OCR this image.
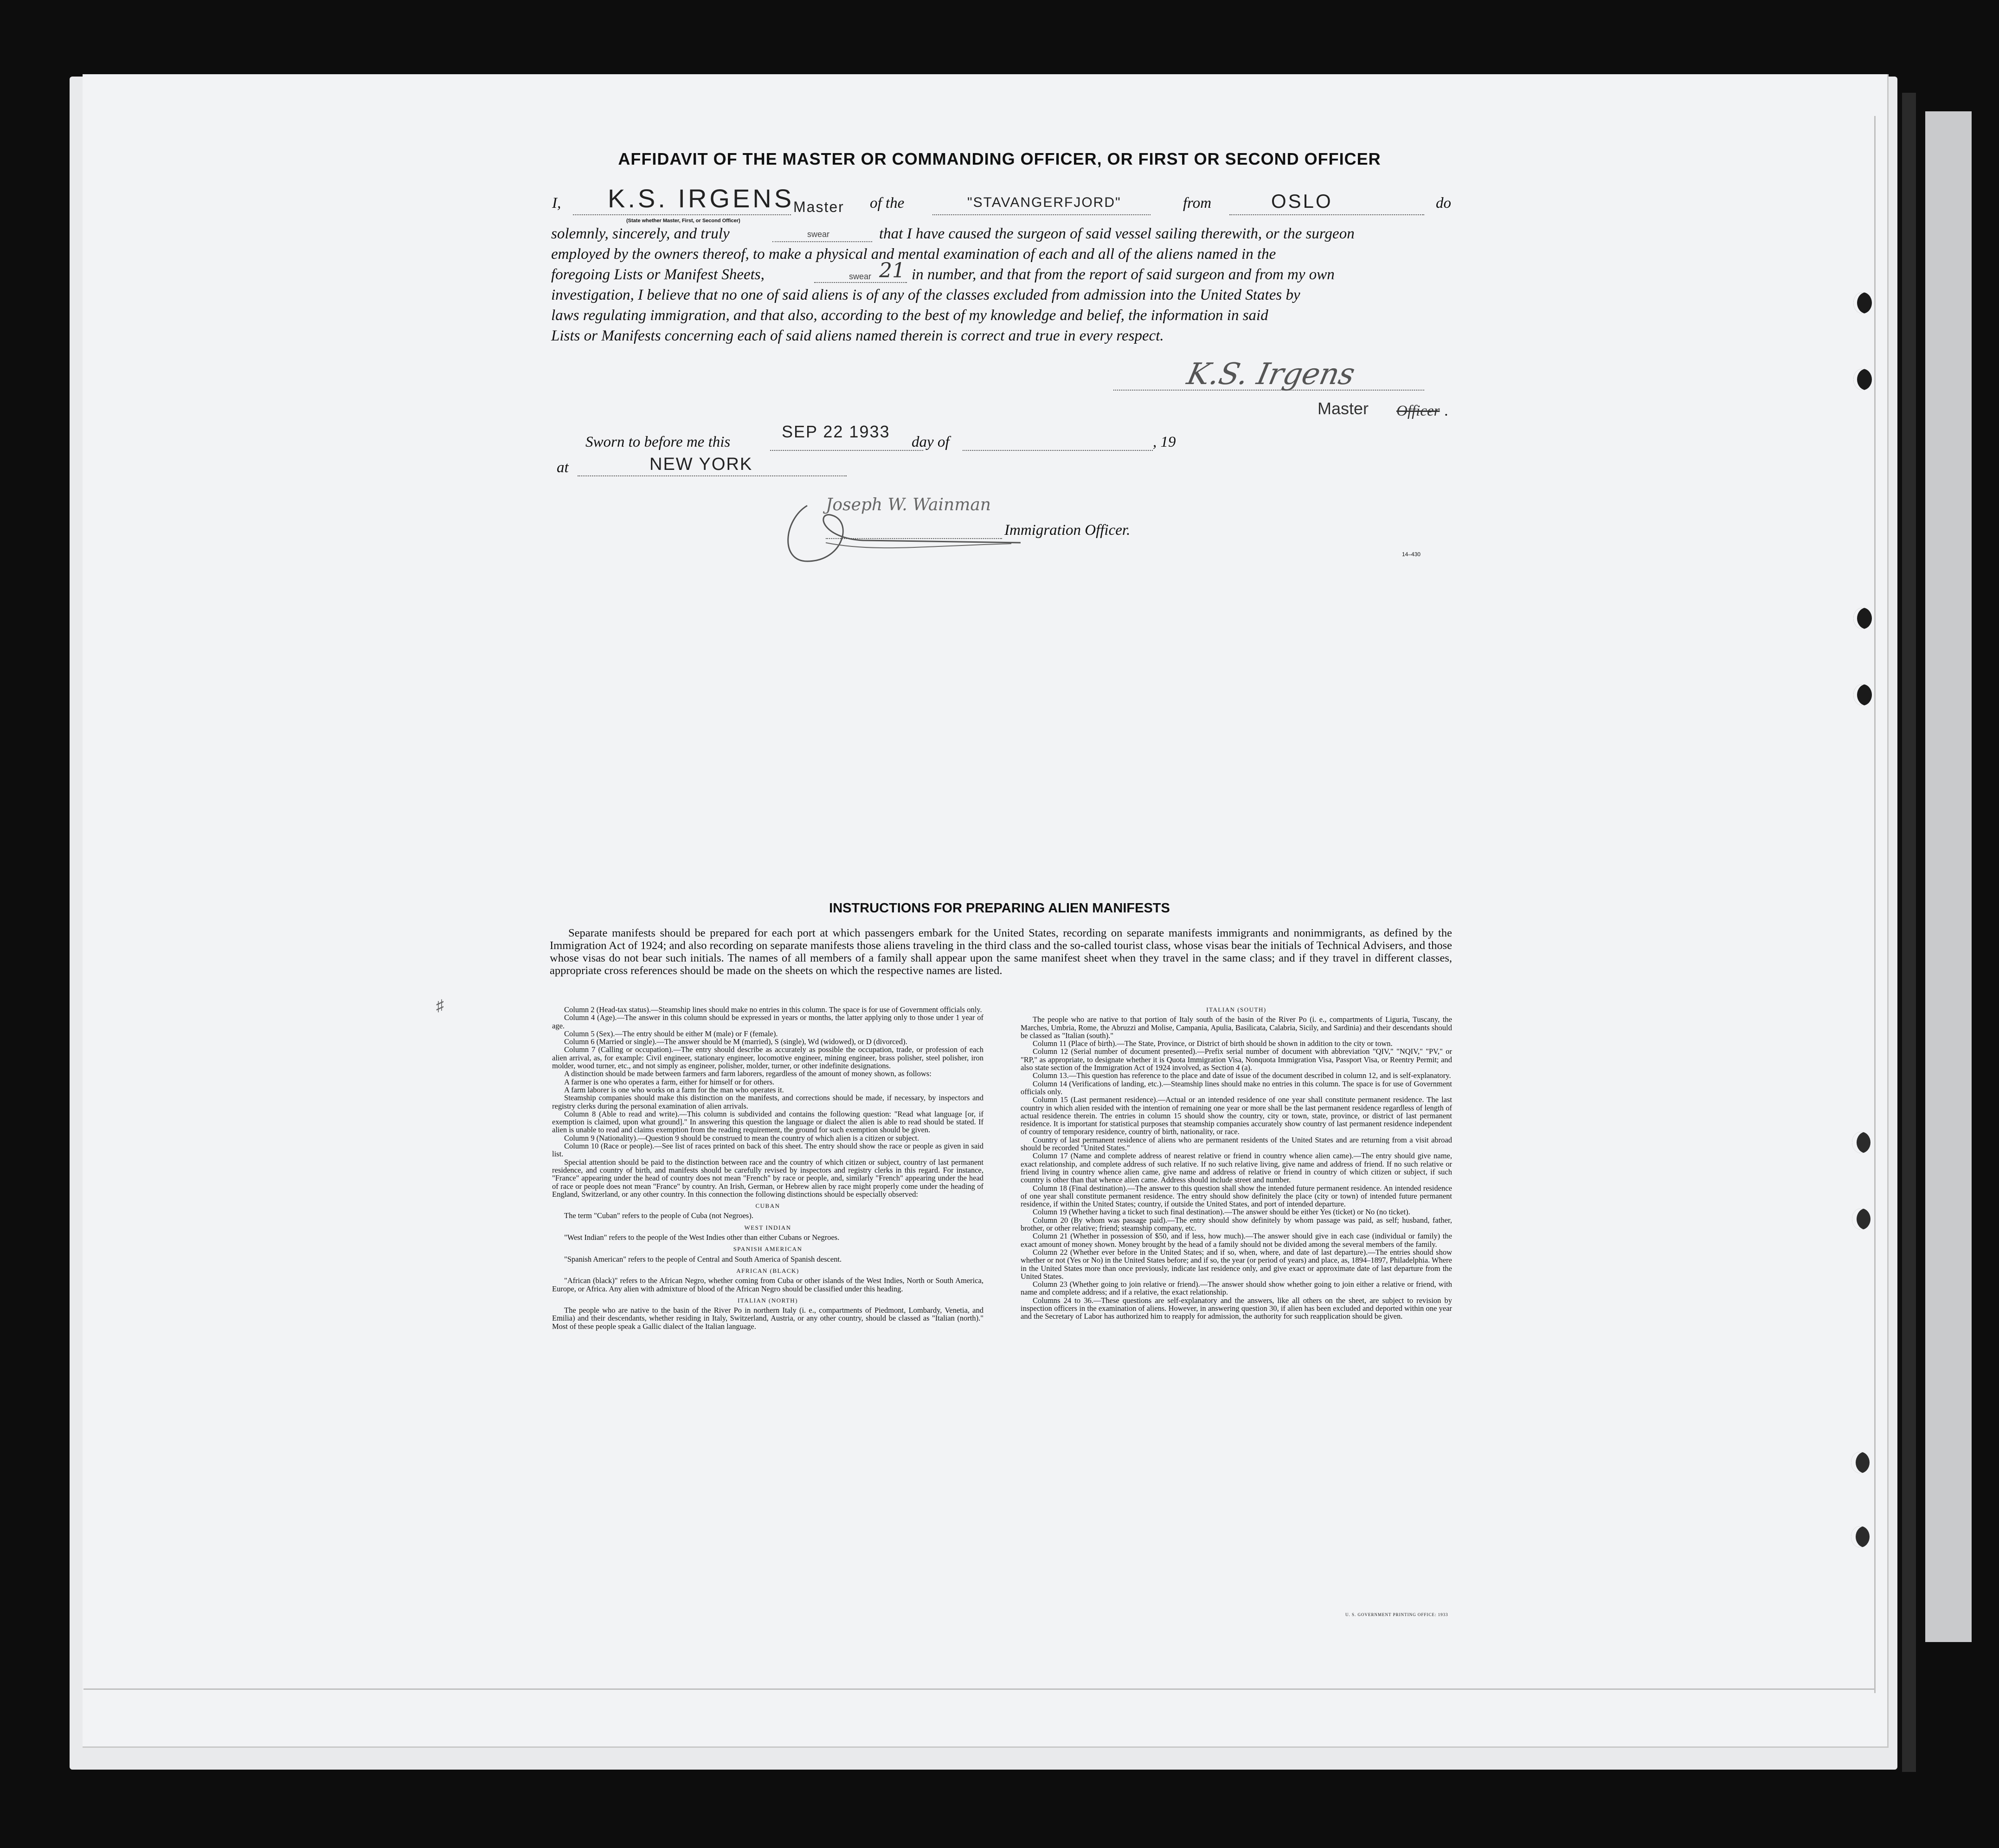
AFFIDAVIT OF THE MASTER OR COMMANDING OFFICER, OR FIRST OR SECOND OFFICER
I, K.S. IRGENS
Master
(State whether Master, First, or Second Officer)
of the	"STAVANGERFJORD"	from	OSLO	do
solemnly, sincerely, and truly	swear	that I have caused the surgeon of said vessel sailing therewith, or the surgeon
employed by the owners thereof, to make a physical and mental examination of each and all of the aliens named in the
foregoing Lists or Manifest Sheets,	swear 21 in number, and that from the report of said surgeon and from my own
investigation, I believe that no one of said aliens is of any of the classes excluded from admission into the United States by
laws regulating immigration, and that also, according to the best of my knowledge and belief, the information in said
Lists or Manifests concerning each of said aliens named therein is correct and true in every respect.
K.S. Irgens
Master Officer .
Sworn to before me this
SEP 22 1933
day of	, 19
at	NEW YORK
Joseph W. Wainman
Immigration Officer.
14–430
♯
INSTRUCTIONS FOR PREPARING ALIEN MANIFESTS
Separate manifests should be prepared for each port at which passengers embark for the United States, recording on separate manifests immigrants and nonimmigrants, as defined by the Immigration Act of 1924; and also recording on separate manifests those aliens traveling in the third class and the so-called tourist class, whose visas bear the initials of Technical Advisers, and those whose visas do not bear such initials. The names of all members of a family shall appear upon the same manifest sheet when they travel in the same class; and if they travel in different classes, appropriate cross references should be made on the sheets on which the respective names are listed.

Column 2 (Head-tax status).—Steamship lines should make no entries in this column. The space is for use of Government officials only.

Column 4 (Age).—The answer in this column should be expressed in years or months, the latter applying only to those under 1 year of age.

Column 5 (Sex).—The entry should be either M (male) or F (female).

Column 6 (Married or single).—The answer should be M (married), S (single), Wd (widowed), or D (divorced).

Column 7 (Calling or occupation).—The entry should describe as accurately as possible the occupation, trade, or profession of each alien arrival, as, for example: Civil engineer, stationary engineer, locomotive engineer, mining engineer, brass polisher, steel polisher, iron molder, wood turner, etc., and not simply as engineer, polisher, molder, turner, or other indefinite designations.

A distinction should be made between farmers and farm laborers, regardless of the amount of money shown, as follows:

A farmer is one who operates a farm, either for himself or for others.

A farm laborer is one who works on a farm for the man who operates it.

Steamship companies should make this distinction on the manifests, and corrections should be made, if necessary, by inspectors and registry clerks during the personal examination of alien arrivals.

Column 8 (Able to read and write).—This column is subdivided and contains the following question: "Read what language [or, if exemption is claimed, upon what ground]." In answering this question the language or dialect the alien is able to read should be stated. If alien is unable to read and claims exemption from the reading requirement, the ground for such exemption should be given.

Column 9 (Nationality).—Question 9 should be construed to mean the country of which alien is a citizen or subject.

Column 10 (Race or people).—See list of races printed on back of this sheet. The entry should show the race or people as given in said list.

Special attention should be paid to the distinction between race and the country of which citizen or subject, country of last permanent residence, and country of birth, and manifests should be carefully revised by inspectors and registry clerks in this regard. For instance, "France" appearing under the head of country does not mean "French" by race or people, and, similarly "French" appearing under the head of race or people does not mean "France" by country. An Irish, German, or Hebrew alien by race might properly come under the heading of England, Switzerland, or any other country. In this connection the following distinctions should be especially observed:

CUBAN

The term "Cuban" refers to the people of Cuba (not Negroes).

WEST INDIAN

"West Indian" refers to the people of the West Indies other than either Cubans or Negroes.

SPANISH AMERICAN

"Spanish American" refers to the people of Central and South America of Spanish descent.

AFRICAN (BLACK)

"African (black)" refers to the African Negro, whether coming from Cuba or other islands of the West Indies, North or South America, Europe, or Africa. Any alien with admixture of blood of the African Negro should be classified under this heading.

ITALIAN (NORTH)

The people who are native to the basin of the River Po in northern Italy (i. e., compartments of Piedmont, Lombardy, Venetia, and Emilia) and their descendants, whether residing in Italy, Switzerland, Austria, or any other country, should be classed as "Italian (north)." Most of these people speak a Gallic dialect of the Italian language.

ITALIAN (SOUTH)

The people who are native to that portion of Italy south of the basin of the River Po (i. e., compartments of Liguria, Tuscany, the Marches, Umbria, Rome, the Abruzzi and Molise, Campania, Apulia, Basilicata, Calabria, Sicily, and Sardinia) and their descendants should be classed as "Italian (south)."

Column 11 (Place of birth).—The State, Province, or District of birth should be shown in addition to the city or town.

Column 12 (Serial number of document presented).—Prefix serial number of document with abbreviation "QIV," "NQIV," "PV," or "RP," as appropriate, to designate whether it is Quota Immigration Visa, Nonquota Immigration Visa, Passport Visa, or Reentry Permit; and also state section of the Immigration Act of 1924 involved, as Section 4 (a).

Column 13.—This question has reference to the place and date of issue of the document described in column 12, and is self-explanatory.

Column 14 (Verifications of landing, etc.).—Steamship lines should make no entries in this column. The space is for use of Government officials only.

Column 15 (Last permanent residence).—Actual or an intended residence of one year shall constitute permanent residence. The last country in which alien resided with the intention of remaining one year or more shall be the last permanent residence regardless of length of actual residence therein. The entries in column 15 should show the country, city or town, state, province, or district of last permanent residence. It is important for statistical purposes that steamship companies accurately show country of last permanent residence independent of country of temporary residence, country of birth, nationality, or race.

Country of last permanent residence of aliens who are permanent residents of the United States and are returning from a visit abroad should be recorded "United States."

Column 17 (Name and complete address of nearest relative or friend in country whence alien came).—The entry should give name, exact relationship, and complete address of such relative. If no such relative living, give name and address of friend. If no such relative or friend living in country whence alien came, give name and address of relative or friend in country of which citizen or subject, if such country is other than that whence alien came. Address should include street and number.

Column 18 (Final destination).—The answer to this question shall show the intended future permanent residence. An intended residence of one year shall constitute permanent residence. The entry should show definitely the place (city or town) of intended future permanent residence, if within the United States; country, if outside the United States, and port of intended departure.

Column 19 (Whether having a ticket to such final destination).—The answer should be either Yes (ticket) or No (no ticket).

Column 20 (By whom was passage paid).—The entry should show definitely by whom passage was paid, as self; husband, father, brother, or other relative; friend; steamship company, etc.

Column 21 (Whether in possession of $50, and if less, how much).—The answer should give in each case (individual or family) the exact amount of money shown. Money brought by the head of a family should not be divided among the several members of the family.

Column 22 (Whether ever before in the United States; and if so, when, where, and date of last departure).—The entries should show whether or not (Yes or No) in the United States before; and if so, the year (or period of years) and place, as, 1894–1897, Philadelphia. Where in the United States more than once previously, indicate last residence only, and give exact or approximate date of last departure from the United States.

Column 23 (Whether going to join relative or friend).—The answer should show whether going to join either a relative or friend, with name and complete address; and if a relative, the exact relationship.

Columns 24 to 36.—These questions are self-explanatory and the answers, like all others on the sheet, are subject to revision by inspection officers in the examination of aliens. However, in answering question 30, if alien has been excluded and deported within one year and the Secretary of Labor has authorized him to reapply for admission, the authority for such reapplication should be given.

U. S. GOVERNMENT PRINTING OFFICE: 1933
